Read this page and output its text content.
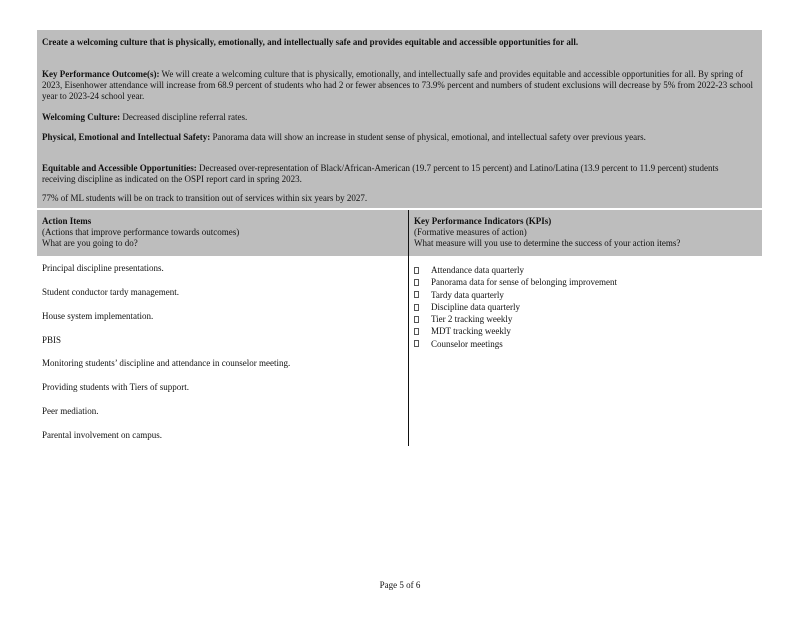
Create a welcoming culture that is physically, emotionally, and intellectually safe and provides equitable and accessible opportunities for all.
Key Performance Outcome(s): We will create a welcoming culture that is physically, emotionally, and intellectually safe and provides equitable and accessible opportunities for all. By spring of 2023, Eisenhower attendance will increase from 68.9 percent of students who had 2 or fewer absences to 73.9% percent and numbers of student exclusions will decrease by 5% from 2022-23 school year to 2023-24 school year.
Welcoming Culture: Decreased discipline referral rates.
Physical, Emotional and Intellectual Safety: Panorama data will show an increase in student sense of physical, emotional, and intellectual safety over previous years.
Equitable and Accessible Opportunities: Decreased over-representation of Black/African-American (19.7 percent to 15 percent) and Latino/Latina (13.9 percent to 11.9 percent) students receiving discipline as indicated on the OSPI report card in spring 2023.
77% of ML students will be on track to transition out of services within six years by 2027.
Action Items
(Actions that improve performance towards outcomes)
What are you going to do?
Key Performance Indicators (KPIs)
(Formative measures of action)
What measure will you use to determine the success of your action items?
Principal discipline presentations.
Student conductor tardy management.
House system implementation.
PBIS
Monitoring students’ discipline and attendance in counselor meeting.
Providing students with Tiers of support.
Peer mediation.
Parental involvement on campus.
Attendance data quarterly
Panorama data for sense of belonging improvement
Tardy data quarterly
Discipline data quarterly
Tier 2 tracking weekly
MDT tracking weekly
Counselor meetings
Page 5 of 6
